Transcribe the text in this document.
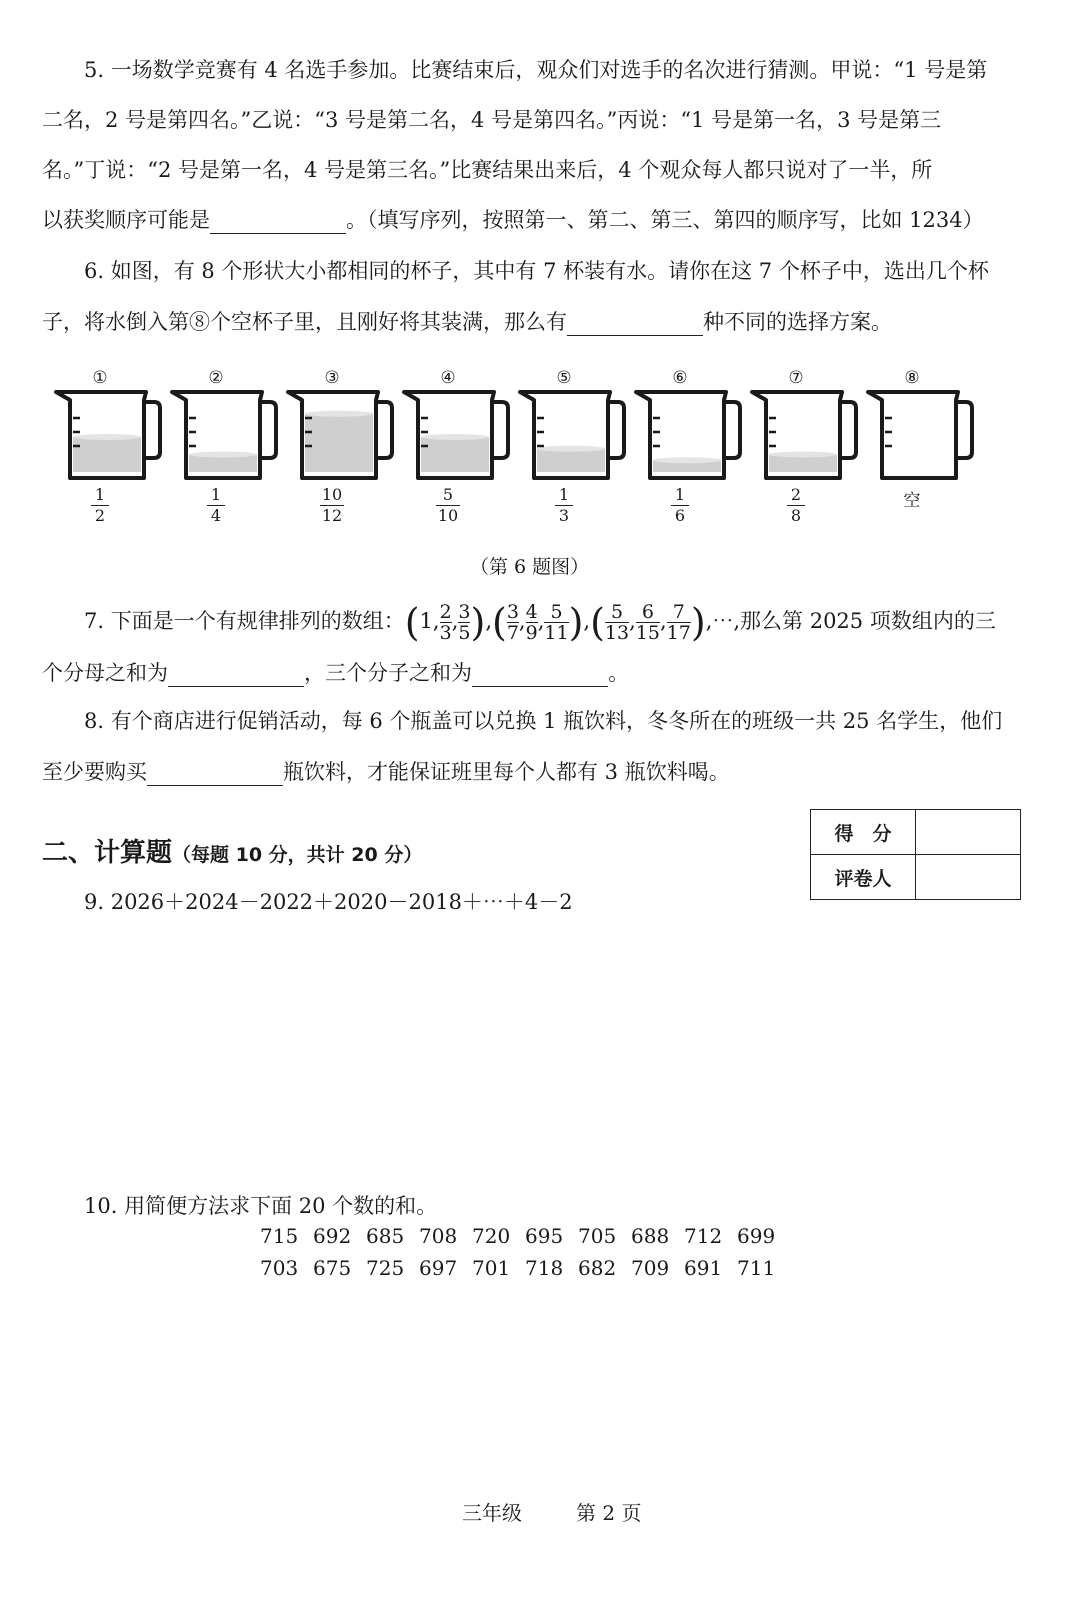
5. 一场数学竞赛有 4 名选手参加。比赛结束后，观众们对选手的名次进行猜测。甲说：“1 号是第
二名，2 号是第四名。”乙说：“3 号是第二名，4 号是第四名。”丙说：“1 号是第一名，3 号是第三
名。”丁说：“2 号是第一名，4 号是第三名。”比赛结果出来后，4 个观众每人都只说对了一半，所
以获奖顺序可能是	。（填写序列，按照第一、第二、第三、第四的顺序写，比如 1234）
6. 如图，有 8 个形状大小都相同的杯子，其中有 7 杯装有水。请你在这 7 个杯子中，选出几个杯
子，将水倒入第⑧个空杯子里，且刚好将其装满，那么有	种不同的选择方案。
①
1
2
②
1
4
③
10
12
④
5
10
⑤
1
3
⑥
1
6
⑦
2
8
⑧
空
（第 6 题图）
7. 下面是一个有规律排列的数组：(1, $\frac{2}{3}$ , $\frac{3}{5}$ ),( $\frac{3}{7}$ , $\frac{4}{9}$ , $\frac{5}{11}$ ),( $\frac{5}{13}$ , $\frac{6}{15}$ , $\frac{7}{17}$ ),⋯,那么第 2025 项数组内的三
个分母之和为	，三个分子之和为	。
8. 有个商店进行促销活动，每 6 个瓶盖可以兑换 1 瓶饮料，冬冬所在的班级一共 25 名学生，他们
至少要购买	瓶饮料，才能保证班里每个人都有 3 瓶饮料喝。
二、计算题（每题 10 分，共计 20 分）
得　分	
评卷人	
9. 2026＋2024－2022＋2020－2018＋⋯＋4－2
10. 用简便方法求下面 20 个数的和。
715 692 685 708 720 695 705 688 712 699
703 675 725 697 701 718 682 709 691 711
三年级	第 2 页
